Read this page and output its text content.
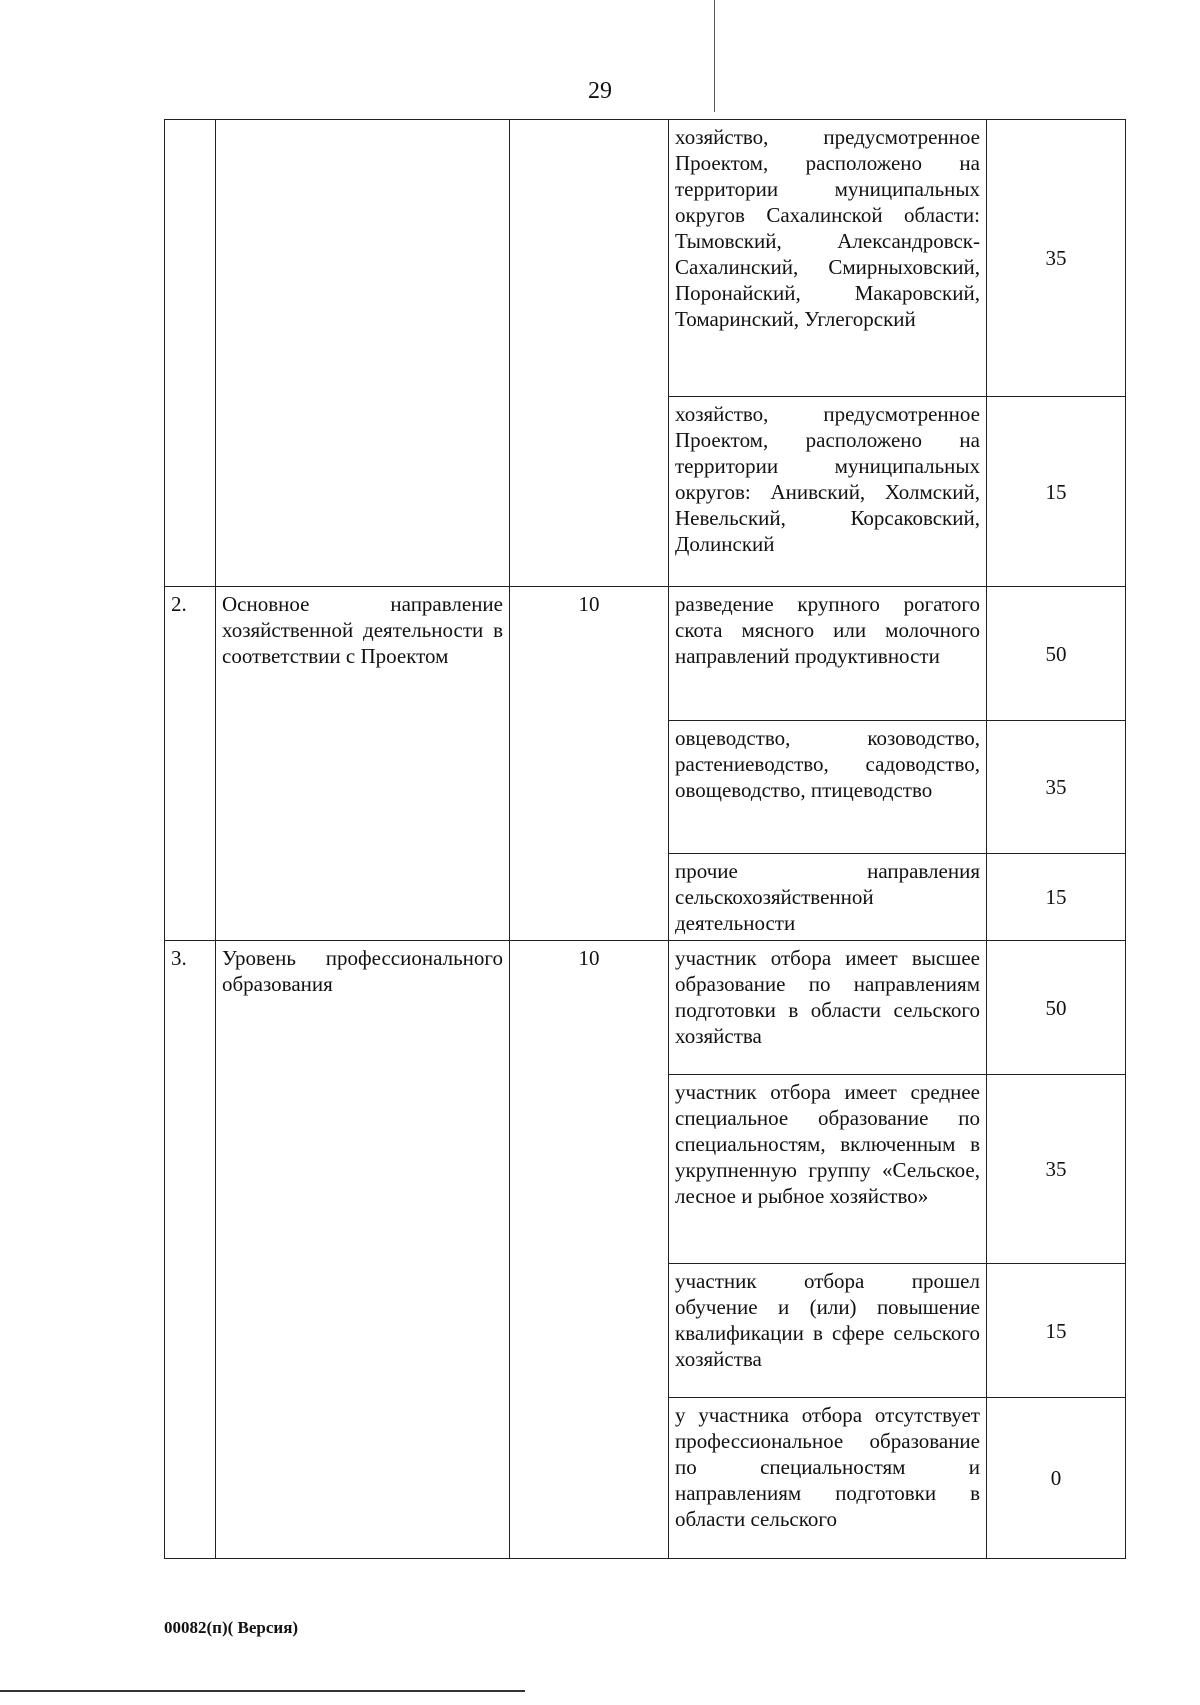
29
			хозяйство, предусмотренное Проектом, расположено на территории муниципальных округов Сахалинской области: Тымовский, Александровск-Сахалинский, Смирныховский, Поронайский, Макаровский, Томаринский, Углегорский	35
			хозяйство, предусмотренное Проектом, расположено на территории муниципальных округов: Анивский, Холмский, Невельский, Корсаковский, Долинский	15
2.	Основное направление хозяйственной деятельности в соответствии с Проектом	10	разведение крупного рогатого скота мясного или молочного направлений продуктивности	50
			овцеводство, козоводство, растениеводство, садоводство, овощеводство, птицеводство	35
			прочие направления сельскохозяйственной деятельности	15
3.	Уровень профессионального образования	10	участник отбора имеет высшее образование по направлениям подготовки в области сельского хозяйства	50
			участник отбора имеет среднее специальное образование по специальностям, включенным в укрупненную группу «Сельское, лесное и рыбное хозяйство»	35
			участник отбора прошел обучение и (или) повышение квалификации в сфере сельского хозяйства	15
			у участника отбора отсутствует профессиональное образование по специальностям и направлениям подготовки в области сельского	0
00082(п)( Версия)
